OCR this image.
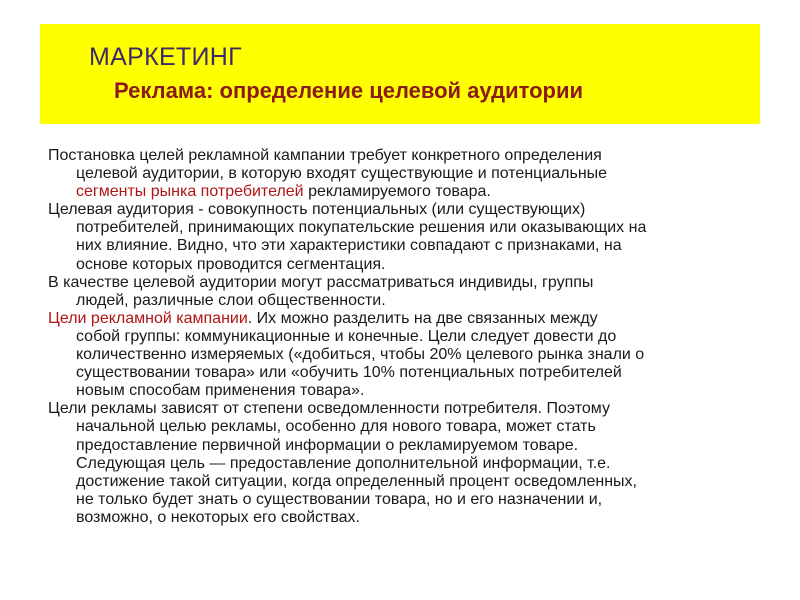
МАРКЕТИНГ
Реклама: определение целевой аудитории

Постановка целей рекламной кампании требует конкретного определения
целевой аудитории, в которую входят существующие и потенциальные
сегменты рынка потребителей рекламируемого товара.

Целевая аудитория - совокупность потенциальных (или существующих)
потребителей, принимающих покупательские решения или оказывающих на
них влияние. Видно, что эти характеристики совпадают с признаками, на
основе которых проводится сегментация.

В качестве целевой аудитории могут рассматриваться индивиды, группы
людей, различные слои общественности.

Цели рекламной кампании. Их можно разделить на две связанных между
собой группы: коммуникационные и конечные. Цели следует довести до
количественно измеряемых («добиться, чтобы 20% целевого рынка знали о
существовании товара» или «обучить 10% потенциальных потребителей
новым способам применения товара».

Цели рекламы зависят от степени осведомленности потребителя. Поэтому
начальной целью рекламы, особенно для нового товара, может стать
предоставление первичной информации о рекламируемом товаре.
Следующая цель — предоставление дополнительной информации, т.е.
достижение такой ситуации, когда определенный процент осведомленных,
не только будет знать о существовании товара, но и его назначении и,
возможно, о некоторых его свойствах.
